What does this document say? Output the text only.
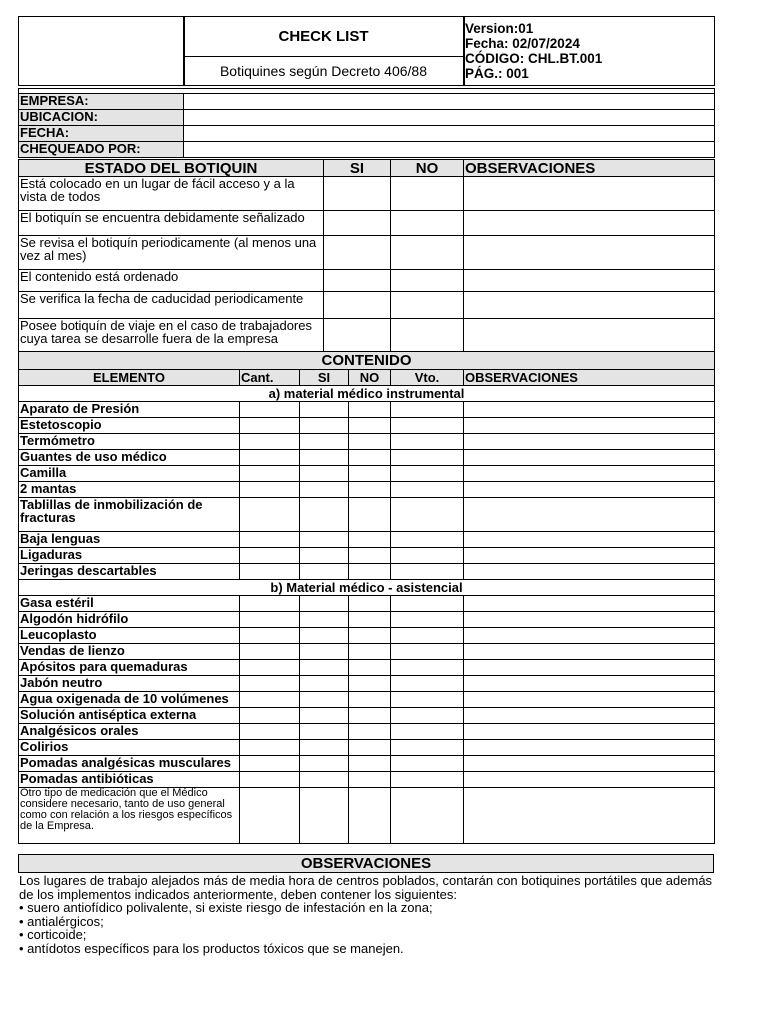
CHECK LIST
Botiquines según Decreto 406/88
Version:01
Fecha: 02/07/2024
CÓDIGO: CHL.BT.001
PÁG.: 001

EMPRESA:	
UBICACION:	
FECHA:	
CHEQUEADO POR:	
ESTADO DEL BOTIQUIN	SI	NO	OBSERVACIONES
Está colocado en un lugar de fácil acceso y a la vista de todos			
El botiquín se encuentra debidamente señalizado			
Se revisa el botiquín periodicamente (al menos una vez al mes)			
El contenido está ordenado			
Se verifica la fecha de caducidad periodicamente			
Posee botiquín de viaje en el caso de trabajadores cuya tarea se desarrolle fuera de la empresa			
CONTENIDO					
ELEMENTO	Cant.	SI	NO	Vto.	OBSERVACIONES
a) material médico instrumental					
Aparato de Presión					
Estetoscopio					
Termómetro					
Guantes de uso médico					
Camilla					
2 mantas					
Tablillas de inmobilización de fracturas					
Baja lenguas					
Ligaduras					
Jeringas descartables					
b) Material médico - asistencial					
Gasa estéril					
Algodón hidrófilo					
Leucoplasto					
Vendas de lienzo					
Apósitos para quemaduras					
Jabón neutro					
Agua oxigenada de 10 volúmenes					
Solución antiséptica externa					
Analgésicos orales					
Colirios					
Pomadas analgésicas musculares					
Pomadas antibióticas					
Otro tipo de medicación que el Médico considere necesario, tanto de uso general como con relación a los riesgos específicos de la Empresa.					
OBSERVACIONES
Los lugares de trabajo alejados más de media hora de centros poblados, contarán con botiquines portátiles que además
de los implementos indicados anteriormente, deben contener los siguientes:
• suero antiofídico polivalente, si existe riesgo de infestación en la zona;
• antialérgicos;
• corticoide;
• antídotos específicos para los productos tóxicos que se manejen.
